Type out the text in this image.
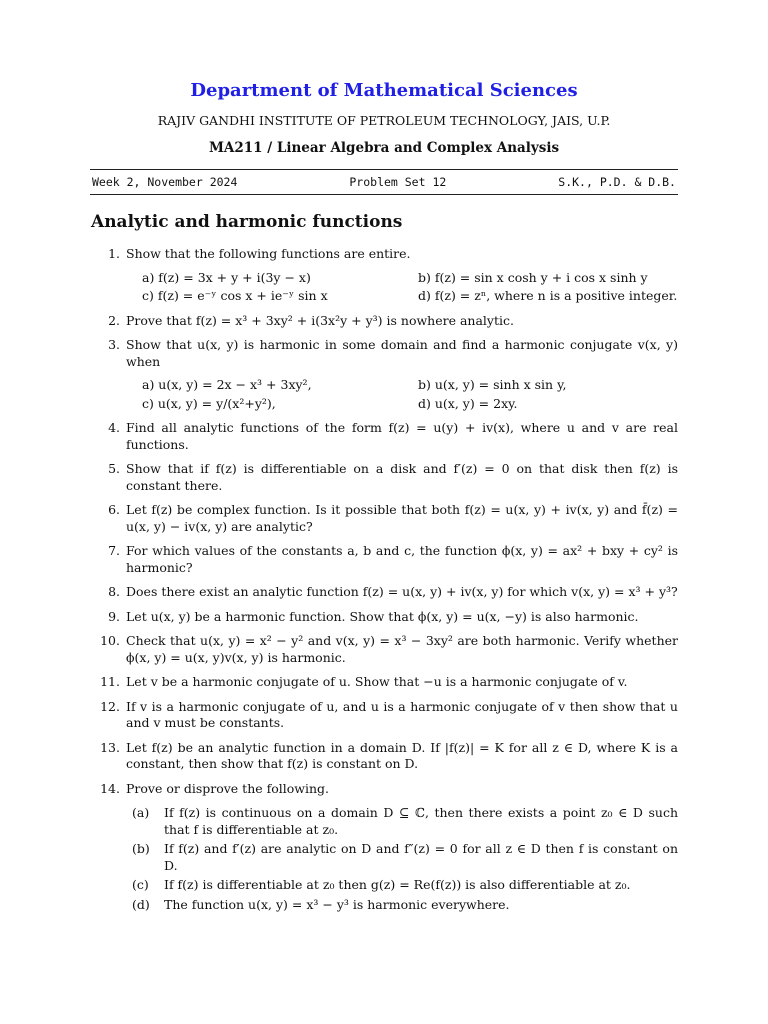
Department of Mathematical Sciences
RAJIV GANDHI INSTITUTE OF PETROLEUM TECHNOLOGY, JAIS, U.P.
MA211 / Linear Algebra and Complex Analysis
Week 2, November 2024	Problem Set 12	S.K., P.D. & D.B.
Analytic and harmonic functions
1. Show that the following functions are entire.

a) f(z) = 3x + y + i(3y − x)	b) f(z) = sin x cosh y + i cos x sinh y
c) f(z) = e⁻ʸ cos x + ie⁻ʸ sin x	d) f(z) = zⁿ, where n is a positive integer.
2. Prove that f(z) = x³ + 3xy² + i(3x²y + y³) is nowhere analytic.

3. Show that u(x, y) is harmonic in some domain and find a harmonic conjugate v(x, y) when

a) u(x, y) = 2x − x³ + 3xy²,	b) u(x, y) = sinh x sin y,
c) u(x, y) = y/(x²+y²),	d) u(x, y) = 2xy.
4. Find all analytic functions of the form f(z) = u(y) + iv(x), where u and v are real functions.

5. Show that if f(z) is differentiable on a disk and f′(z) = 0 on that disk then f(z) is constant there.

6. Let f(z) be complex function. Is it possible that both f(z) = u(x, y) + iv(x, y) and f̄(z) = u(x, y) − iv(x, y) are analytic?

7. For which values of the constants a, b and c, the function ϕ(x, y) = ax² + bxy + cy² is harmonic?

8. Does there exist an analytic function f(z) = u(x, y) + iv(x, y) for which v(x, y) = x³ + y³?

9. Let u(x, y) be a harmonic function. Show that ϕ(x, y) = u(x, −y) is also harmonic.

10. Check that u(x, y) = x² − y² and v(x, y) = x³ − 3xy² are both harmonic. Verify whether ϕ(x, y) = u(x, y)v(x, y) is harmonic.

11. Let v be a harmonic conjugate of u. Show that −u is a harmonic conjugate of v.

12. If v is a harmonic conjugate of u, and u is a harmonic conjugate of v then show that u and v must be constants.

13. Let f(z) be an analytic function in a domain D. If |f(z)| = K for all z ∈ D, where K is a constant, then show that f(z) is constant on D.

14. Prove or disprove the following.

(a) If f(z) is continuous on a domain D ⊆ ℂ, then there exists a point z₀ ∈ D such that f is differentiable at z₀.
(b) If f(z) and f′(z) are analytic on D and f″(z) = 0 for all z ∈ D then f is constant on D.
(c) If f(z) is differentiable at z₀ then g(z) = Re(f(z)) is also differentiable at z₀.
(d) The function u(x, y) = x³ − y³ is harmonic everywhere.
